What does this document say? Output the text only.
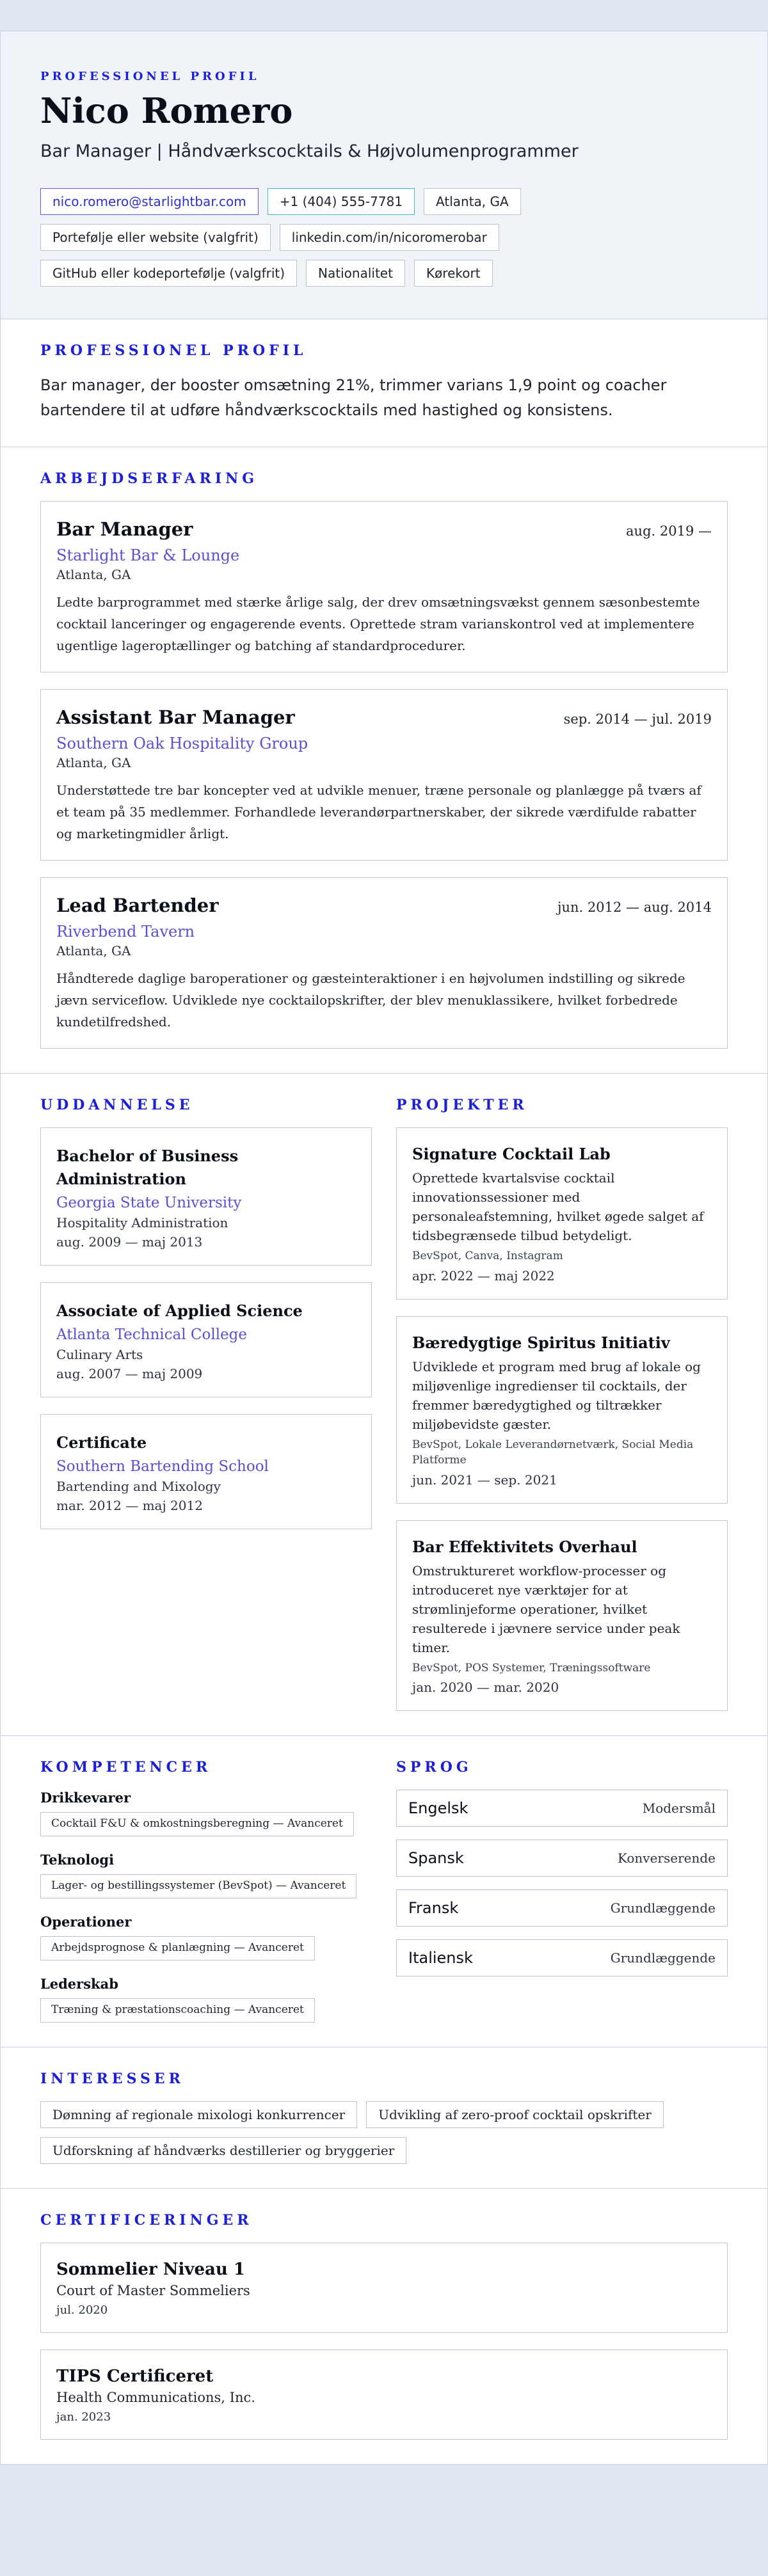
PROFESSIONEL PROFIL
Nico Romero
Bar Manager | Håndværkscocktails & Højvolumenprogrammer
nico.romero@starlightbar.com	+1 (404) 555-7781	Atlanta, GA
Portefølje eller website (valgfrit)	linkedin.com/in/nicoromerobar
GitHub eller kodeportefølje (valgfrit)	Nationalitet	Kørekort
PROFESSIONEL PROFIL

Bar manager, der booster omsætning 21%, trimmer varians 1,9 point og coacher bartendere til at udføre håndværkscocktails med hastighed og konsistens.

ARBEJDSERFARING
Bar Manager	aug. 2019 —
Starlight Bar & Lounge
Atlanta, GA

Ledte barprogrammet med stærke årlige salg, der drev omsætningsvækst gennem sæsonbestemte cocktail lanceringer og engagerende events. Oprettede stram varianskontrol ved at implementere ugentlige lageroptællinger og batching af standardprocedurer.

Assistant Bar Manager	sep. 2014 — jul. 2019
Southern Oak Hospitality Group
Atlanta, GA

Understøttede tre bar koncepter ved at udvikle menuer, træne personale og planlægge på tværs af et team på 35 medlemmer. Forhandlede leverandørpartnerskaber, der sikrede værdifulde rabatter og marketingmidler årligt.

Lead Bartender	jun. 2012 — aug. 2014
Riverbend Tavern
Atlanta, GA

Håndterede daglige baroperationer og gæsteinteraktioner i en højvolumen indstilling og sikrede jævn serviceflow. Udviklede nye cocktailopskrifter, der blev menuklassikere, hvilket forbedrede kundetilfredshed.

UDDANNELSE
Bachelor of Business Administration
Georgia State University
Hospitality Administration
aug. 2009 — maj 2013
Associate of Applied Science
Atlanta Technical College
Culinary Arts
aug. 2007 — maj 2009
Certificate
Southern Bartending School
Bartending and Mixology
mar. 2012 — maj 2012
PROJEKTER
Signature Cocktail Lab

Oprettede kvartalsvise cocktail innovationssessioner med personaleafstemning, hvilket øgede salget af tidsbegrænsede tilbud betydeligt.

BevSpot, Canva, Instagram
apr. 2022 — maj 2022
Bæredygtige Spiritus Initiativ

Udviklede et program med brug af lokale og miljøvenlige ingredienser til cocktails, der fremmer bæredygtighed og tiltrækker miljøbevidste gæster.

BevSpot, Lokale Leverandørnetværk, Social Media Platforme
jun. 2021 — sep. 2021
Bar Effektivitets Overhaul

Omstruktureret workflow-processer og introduceret nye værktøjer for at strømlinjeforme operationer, hvilket resulterede i jævnere service under peak timer.

BevSpot, POS Systemer, Træningssoftware
jan. 2020 — mar. 2020
KOMPETENCER
Drikkevarer
Cocktail F&U & omkostningsberegning — Avanceret
Teknologi
Lager- og bestillingssystemer (BevSpot) — Avanceret
Operationer
Arbejdsprognose & planlægning — Avanceret
Lederskab
Træning & præstationscoaching — Avanceret
SPROG
Engelsk	Modersmål
Spansk	Konverserende
Fransk	Grundlæggende
Italiensk	Grundlæggende
INTERESSER
Dømning af regionale mixologi konkurrencer	Udvikling af zero-proof cocktail opskrifter
Udforskning af håndværks destillerier og bryggerier
CERTIFICERINGER
Sommelier Niveau 1
Court of Master Sommeliers
jul. 2020
TIPS Certificeret
Health Communications, Inc.
jan. 2023
